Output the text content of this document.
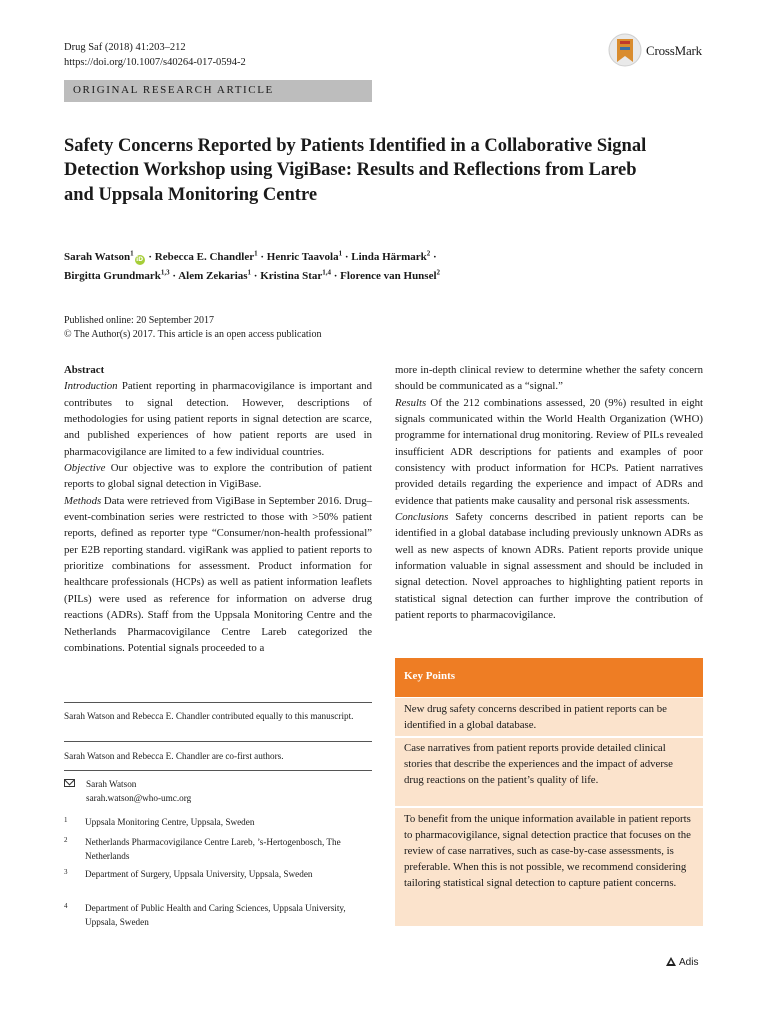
Drug Saf (2018) 41:203–212
https://doi.org/10.1007/s40264-017-0594-2
CrossMark
ORIGINAL RESEARCH ARTICLE
Safety Concerns Reported by Patients Identified in a Collaborative Signal Detection Workshop using VigiBase: Results and Reflections from Lareb and Uppsala Monitoring Centre
Sarah Watson$^1$iD · Rebecca E. Chandler$^1$ · Henric Taavola$^1$ · Linda Härmark$^2$ ·
Birgitta Grundmark$^{1,3}$ · Alem Zekarias$^1$ · Kristina Star$^{1,4}$ · Florence van Hunsel$^2$
Published online: 20 September 2017
© The Author(s) 2017. This article is an open access publication
Abstract
Introduction Patient reporting in pharmacovigilance is important and contributes to signal detection. However, descriptions of methodologies for using patient reports in signal detection are scarce, and published experiences of how patient reports are used in pharmacovigilance are limited to a few individual countries.
Objective Our objective was to explore the contribution of patient reports to global signal detection in VigiBase.
Methods Data were retrieved from VigiBase in September 2016. Drug–event-combination series were restricted to those with >50% patient reports, defined as reporter type “Consumer/non-health professional” per E2B reporting standard. vigiRank was applied to patient reports to prioritize combinations for assessment. Product information for healthcare professionals (HCPs) as well as patient information leaflets (PILs) were used as reference for information on adverse drug reactions (ADRs). Staff from the Uppsala Monitoring Centre and the Netherlands Pharmacovigilance Centre Lareb categorized the combinations. Potential signals proceeded to a
more in-depth clinical review to determine whether the safety concern should be communicated as a “signal.”
Results Of the 212 combinations assessed, 20 (9%) resulted in eight signals communicated within the World Health Organization (WHO) programme for international drug monitoring. Review of PILs revealed insufficient ADR descriptions for patients and examples of poor consistency with product information for HCPs. Patient narratives provided details regarding the experience and impact of ADRs and evidence that patients make causality and personal risk assessments.
Conclusions Safety concerns described in patient reports can be identified in a global database including previously unknown ADRs as well as new aspects of known ADRs. Patient reports provide unique information valuable in signal assessment and should be included in signal detection. Novel approaches to highlighting patient reports in statistical signal detection can further improve the contribution of patient reports to pharmacovigilance.
Sarah Watson and Rebecca E. Chandler contributed equally to this manuscript.
Sarah Watson and Rebecca E. Chandler are co-first authors.
Sarah Watson
sarah.watson@who-umc.org
1 Uppsala Monitoring Centre, Uppsala, Sweden
2 Netherlands Pharmacovigilance Centre Lareb, ’s-Hertogenbosch, The Netherlands
3 Department of Surgery, Uppsala University, Uppsala, Sweden
4 Department of Public Health and Caring Sciences, Uppsala University, Uppsala, Sweden
Key Points
New drug safety concerns described in patient reports can be identified in a global database.
Case narratives from patient reports provide detailed clinical stories that describe the experiences and the impact of adverse drug reactions on the patient’s quality of life.
To benefit from the unique information available in patient reports to pharmacovigilance, signal detection practice that focuses on the review of case narratives, such as case-by-case assessments, is preferable. When this is not possible, we recommend considering tailoring statistical signal detection to capture patient concerns.
Adis
